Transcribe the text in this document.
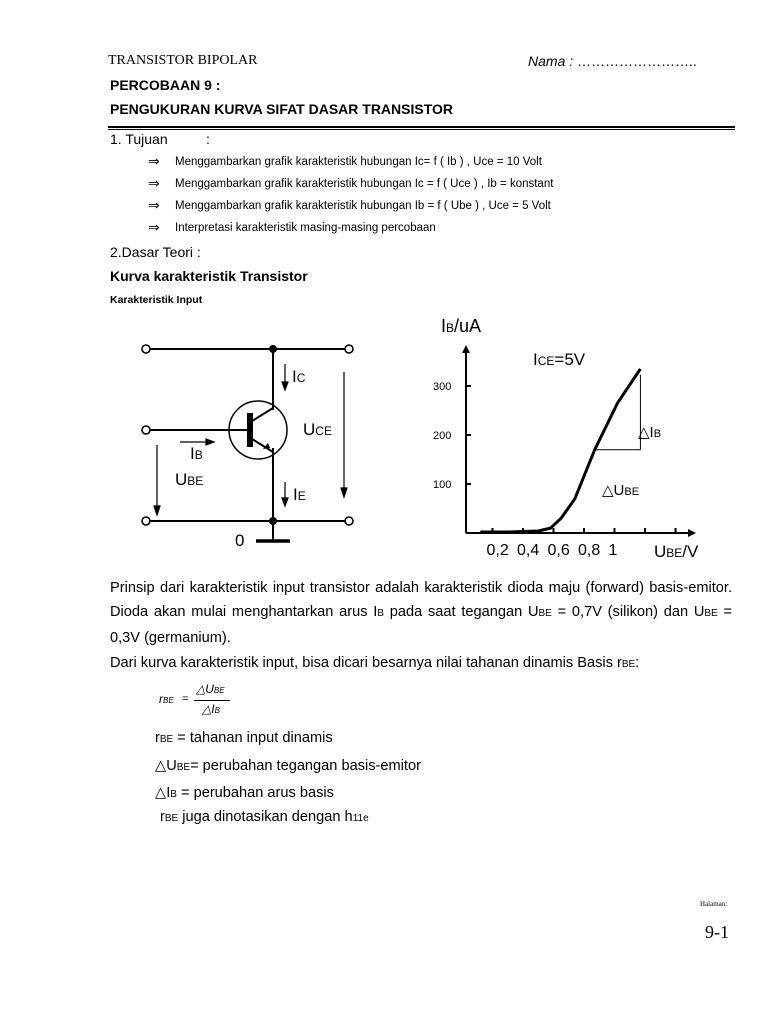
TRANSISTOR BIPOLAR	Nama : ……………………..
PERCOBAAN 9 :
PENGUKURAN KURVA SIFAT DASAR TRANSISTOR
1. Tujuan	:
⇒ Menggambarkan grafik karakteristik hubungan Ic= f ( Ib ) , Uce = 10 Volt
⇒ Menggambarkan grafik karakteristik hubungan Ic = f ( Uce ) , Ib = konstant
⇒ Menggambarkan grafik karakteristik hubungan Ib = f ( Ube ) , Uce = 5 Volt
⇒ Interpretasi karakteristik masing-masing percobaan
2.Dasar Teori :
Kurva karakteristik Transistor
Karakteristik Input
IC
UCE
IB
UBE
IE
0
IB/uA
ICE=5V
UBE/V
△IB
△UBE
100
200
300
0,2 0,4 0,6 0,8 1
Prinsip dari karakteristik input transistor adalah karakteristik dioda maju (forward) basis-emitor. Dioda akan mulai menghantarkan arus IB pada saat tegangan UBE = 0,7V (silikon) dan UBE = 0,3V (germanium).
Dari kurva karakteristik input, bisa dicari besarnya nilai tahanan dinamis Basis rBE:
rBE =
△UBE
△IB
rBE = tahanan input dinamis
△UBE= perubahan tegangan basis-emitor
△IB = perubahan arus basis
rBE juga dinotasikan dengan h11e
Halaman:
9-1
